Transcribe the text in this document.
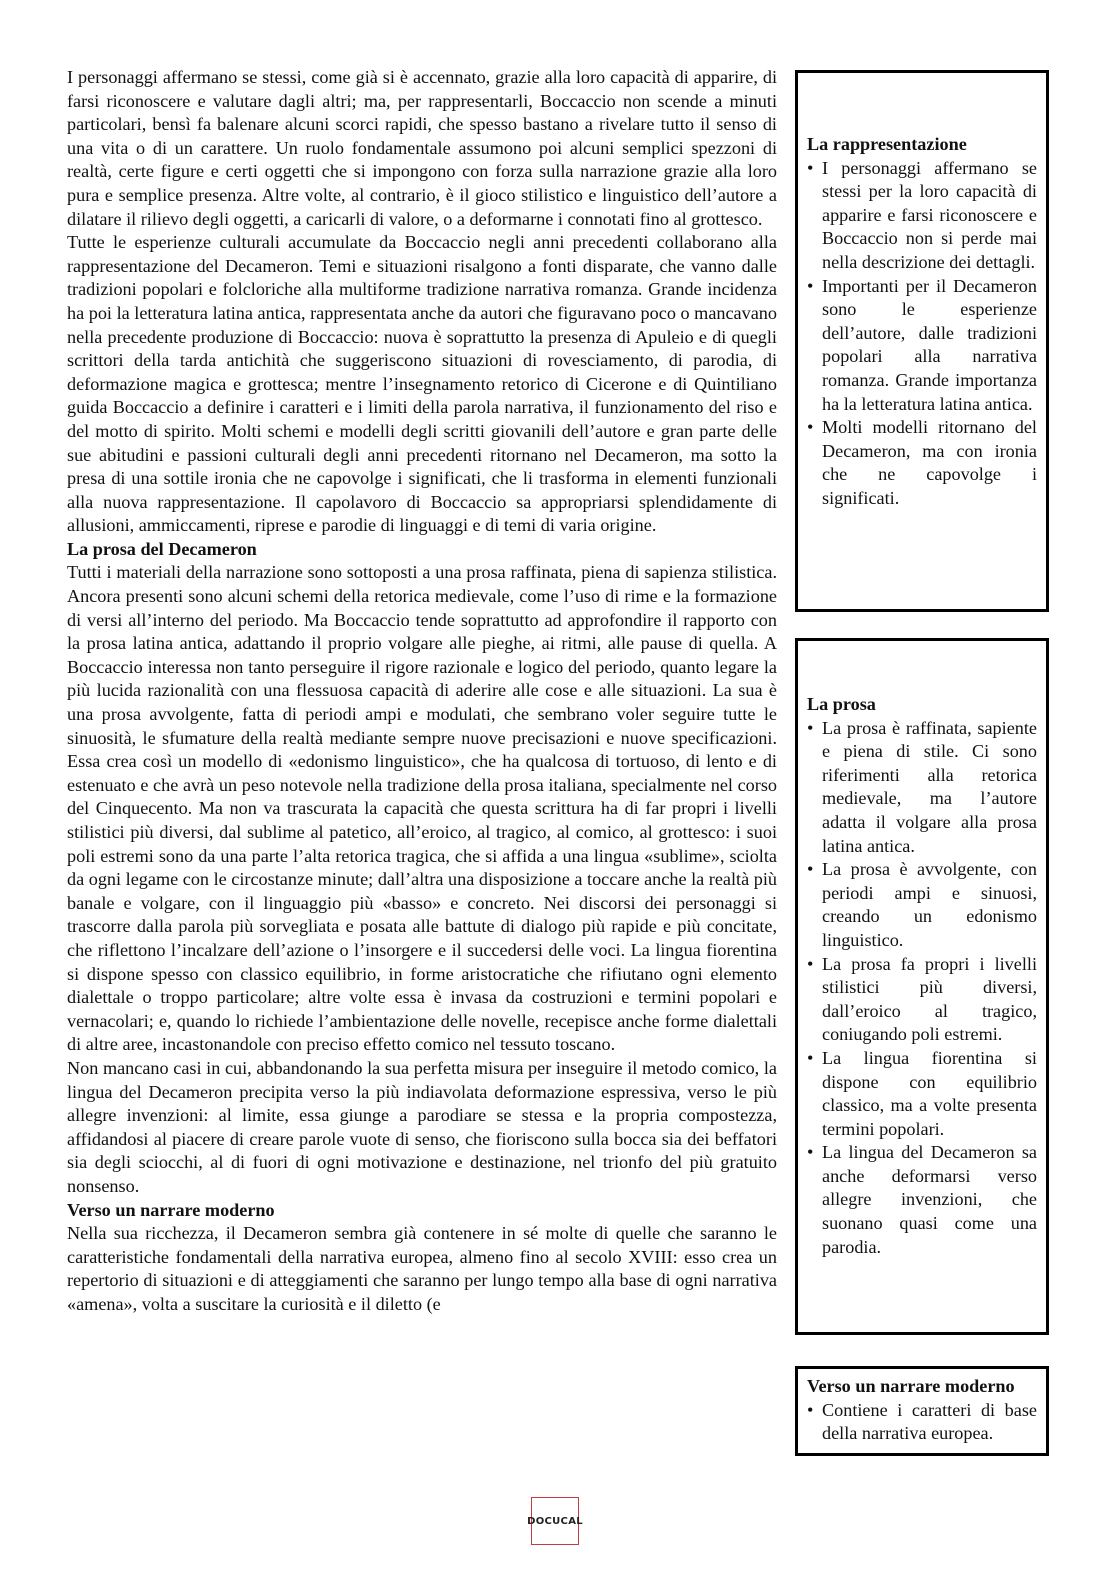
I personaggi affermano se stessi, come già si è accennato, grazie alla loro capacità di apparire, di farsi riconoscere e valutare dagli altri; ma, per rappresentarli, Boccaccio non scende a minuti particolari, bensì fa balenare alcuni scorci rapidi, che spesso bastano a rivelare tutto il senso di una vita o di un carattere. Un ruolo fondamentale assumono poi alcuni semplici spezzoni di realtà, certe figure e certi oggetti che si impongono con forza sulla narrazione grazie alla loro pura e semplice presenza. Altre volte, al contrario, è il gioco stilistico e linguistico dell’autore a dilatare il rilievo degli oggetti, a caricarli di valore, o a deformarne i connotati fino al grottesco.

Tutte le esperienze culturali accumulate da Boccaccio negli anni precedenti collaborano alla rappresentazione del Decameron. Temi e situazioni risalgono a fonti disparate, che vanno dalle tradizioni popolari e folcloriche alla multiforme tradizione narrativa romanza. Grande incidenza ha poi la letteratura latina antica, rappresentata anche da autori che figuravano poco o mancavano nella precedente produzione di Boccaccio: nuova è soprattutto la presenza di Apuleio e di quegli scrittori della tarda antichità che suggeriscono situazioni di rovesciamento, di parodia, di deformazione magica e grottesca; mentre l’insegnamento retorico di Cicerone e di Quintiliano guida Boccaccio a definire i caratteri e i limiti della parola narrativa, il funzionamento del riso e del motto di spirito. Molti schemi e modelli degli scritti giovanili dell’autore e gran parte delle sue abitudini e passioni culturali degli anni precedenti ritornano nel Decameron, ma sotto la presa di una sottile ironia che ne capovolge i significati, che li trasforma in elementi funzionali alla nuova rappresentazione. Il capolavoro di Boccaccio sa appropriarsi splendidamente di allusioni, ammiccamenti, riprese e parodie di linguaggi e di temi di varia origine.

La prosa del Decameron

Tutti i materiali della narrazione sono sottoposti a una prosa raffinata, piena di sapienza stilistica. Ancora presenti sono alcuni schemi della retorica medievale, come l’uso di rime e la formazione di versi all’interno del periodo. Ma Boccaccio tende soprattutto ad approfondire il rapporto con la prosa latina antica, adattando il proprio volgare alle pieghe, ai ritmi, alle pause di quella. A Boccaccio interessa non tanto perseguire il rigore razionale e logico del periodo, quanto legare la più lucida razionalità con una flessuosa capacità di aderire alle cose e alle situazioni. La sua è una prosa avvolgente, fatta di periodi ampi e modulati, che sembrano voler seguire tutte le sinuosità, le sfumature della realtà mediante sempre nuove precisazioni e nuove specificazioni. Essa crea così un modello di «edonismo linguistico», che ha qualcosa di tortuoso, di lento e di estenuato e che avrà un peso notevole nella tradizione della prosa italiana, specialmente nel corso del Cinquecento. Ma non va trascurata la capacità che questa scrittura ha di far propri i livelli stilistici più diversi, dal sublime al patetico, all’eroico, al tragico, al comico, al grottesco: i suoi poli estremi sono da una parte l’alta retorica tragica, che si affida a una lingua «sublime», sciolta da ogni legame con le circostanze minute; dall’altra una disposizione a toccare anche la realtà più banale e volgare, con il linguaggio più «basso» e concreto. Nei discorsi dei personaggi si trascorre dalla parola più sorvegliata e posata alle battute di dialogo più rapide e più concitate, che riflettono l’incalzare dell’azione o l’insorgere e il succedersi delle voci. La lingua fiorentina si dispone spesso con classico equilibrio, in forme aristocratiche che rifiutano ogni elemento dialettale o troppo particolare; altre volte essa è invasa da costruzioni e termini popolari e vernacolari; e, quando lo richiede l’ambientazione delle novelle, recepisce anche forme dialettali di altre aree, incastonandole con preciso effetto comico nel tessuto toscano.

Non mancano casi in cui, abbandonando la sua perfetta misura per inseguire il metodo comico, la lingua del Decameron precipita verso la più indiavolata deformazione espressiva, verso le più allegre invenzioni: al limite, essa giunge a parodiare se stessa e la propria compostezza, affidandosi al piacere di creare parole vuote di senso, che fioriscono sulla bocca sia dei beffatori sia degli sciocchi, al di fuori di ogni motivazione e destinazione, nel trionfo del più gratuito nonsenso.

Verso un narrare moderno

Nella sua ricchezza, il Decameron sembra già contenere in sé molte di quelle che saranno le caratteristiche fondamentali della narrativa europea, almeno fino al secolo XVIII: esso crea un repertorio di situazioni e di atteggiamenti che saranno per lungo tempo alla base di ogni narrativa «amena», volta a suscitare la curiosità e il diletto (e

La rappresentazione
• I personaggi affermano se stessi per la loro capacità di apparire e farsi riconoscere e Boccaccio non si perde mai nella descrizione dei dettagli.
• Importanti per il Decameron sono le esperienze dell’autore, dalle tradizioni popolari alla narrativa romanza. Grande importanza ha la letteratura latina antica.
• Molti modelli ritornano del Decameron, ma con ironia che ne capovolge i significati.
La prosa
• La prosa è raffinata, sapiente e piena di stile. Ci sono riferimenti alla retorica medievale, ma l’autore adatta il volgare alla prosa latina antica.
• La prosa è avvolgente, con periodi ampi e sinuosi, creando un edonismo linguistico.
• La prosa fa propri i livelli stilistici più diversi, dall’eroico al tragico, coniugando poli estremi.
• La lingua fiorentina si dispone con equilibrio classico, ma a volte presenta termini popolari.
• La lingua del Decameron sa anche deformarsi verso allegre invenzioni, che suonano quasi come una parodia.
Verso un narrare moderno
• Contiene i caratteri di base della narrativa europea.
DOCUCAL
